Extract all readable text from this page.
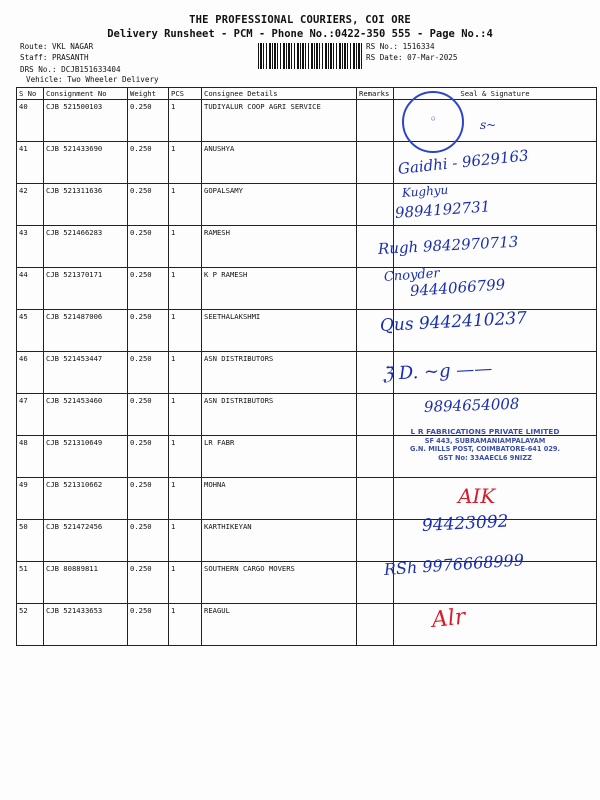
THE PROFESSIONAL COURIERS, COI ORE
Delivery Runsheet - PCM - Phone No.:0422-350 555 - Page No.:4
Route: VKL NAGAR
Staff: PRASANTH
DRS No.: DCJB151633404
Vehicle: Two Wheeler Delivery
RS No.: 1516334
RS Date: 07-Mar-2025
S No	Consignment No	Weight	PCS	Consignee Details	Remarks	Seal & Signature
40	CJB 521500103	0.250	1	TUDIYALUR COOP AGRI SERVICE		
41	CJB 521433690	0.250	1	ANUSHYA		
42	CJB 521311636	0.250	1	GOPALSAMY		
43	CJB 521466283	0.250	1	RAMESH		
44	CJB 521370171	0.250	1	K P RAMESH		
45	CJB 521487006	0.250	1	SEETHALAKSHMI		
46	CJB 521453447	0.250	1	ASN DISTRIBUTORS		
47	CJB 521453460	0.250	1	ASN DISTRIBUTORS		
48	CJB 521310649	0.250	1	LR FABR		
49	CJB 521310662	0.250	1	MOHNA		
50	CJB 521472456	0.250	1	KARTHIKEYAN		
51	CJB 80889811	0.250	1	SOUTHERN CARGO MOVERS		
52	CJB 521433653	0.250	1	REAGUL		
◯	ꜱ~
Gaidhi - 9629163
Kughyu
9894192731
Rugh 9842970713
Cnoyder
9444066799
Qus 9442410237
ℨ D. ~g ——
9894654008
L R FABRICATIONS PRIVATE LIMITED
SF 443, SUBRAMANIAMPALAYAM
G.N. MILLS POST, COIMBATORE-641 029.
GST No: 33AAECL6 9NIZZ
AIK
94423092
RSh 9976668999
Alr
